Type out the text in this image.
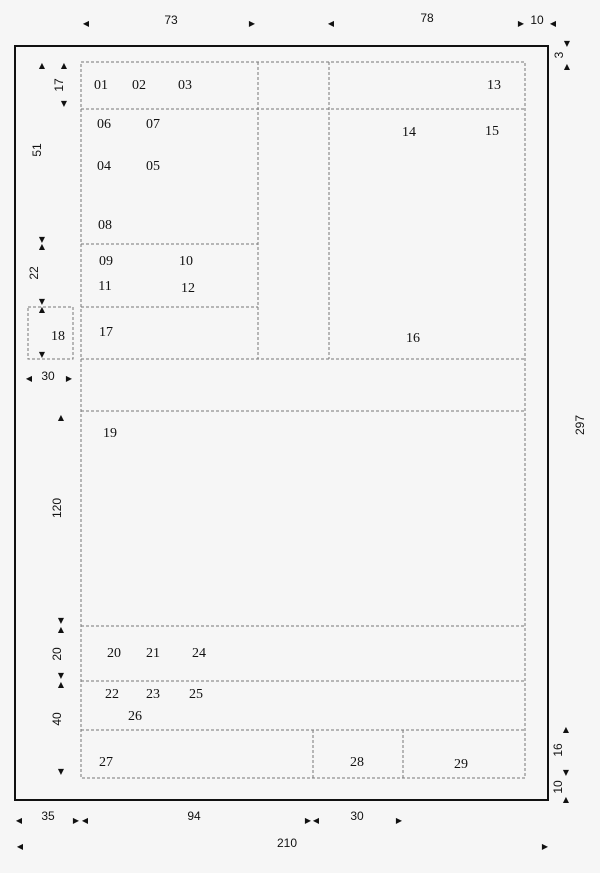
01 02 03
06	07
04	05
08
09	10
11	12
17
18
13
14	15
16
19
20 21 24
22 23 25
26
27	28	29
73	78	10
◀	▶	◀	▶	◀
3
▼
▲
297
16
▲
10
▼
▲
17
▲ ▲
▼
51
▼
▲
22
▼
▲
▼
30
◀	▶
▲
120
▼
▲
20
▼
▲
40
▼
35
◀	▶ ◀	94	▶ ◀	30	▶
210
◀	▶
